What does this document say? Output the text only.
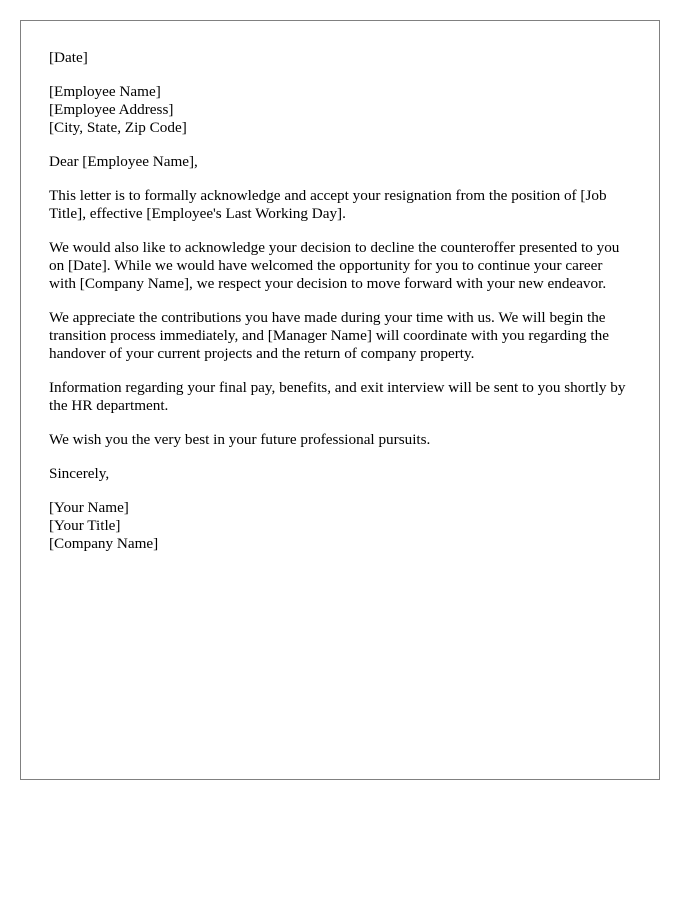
[Date]

[Employee Name]
[Employee Address]
[City, State, Zip Code]

Dear [Employee Name],

This letter is to formally acknowledge and accept your resignation from the position of [Job Title], effective [Employee's Last Working Day].

We would also like to acknowledge your decision to decline the counteroffer presented to you on [Date]. While we would have welcomed the opportunity for you to continue your career with [Company Name], we respect your decision to move forward with your new endeavor.

We appreciate the contributions you have made during your time with us. We will begin the transition process immediately, and [Manager Name] will coordinate with you regarding the handover of your current projects and the return of company property.

Information regarding your final pay, benefits, and exit interview will be sent to you shortly by the HR department.

We wish you the very best in your future professional pursuits.

Sincerely,

[Your Name]
[Your Title]
[Company Name]
